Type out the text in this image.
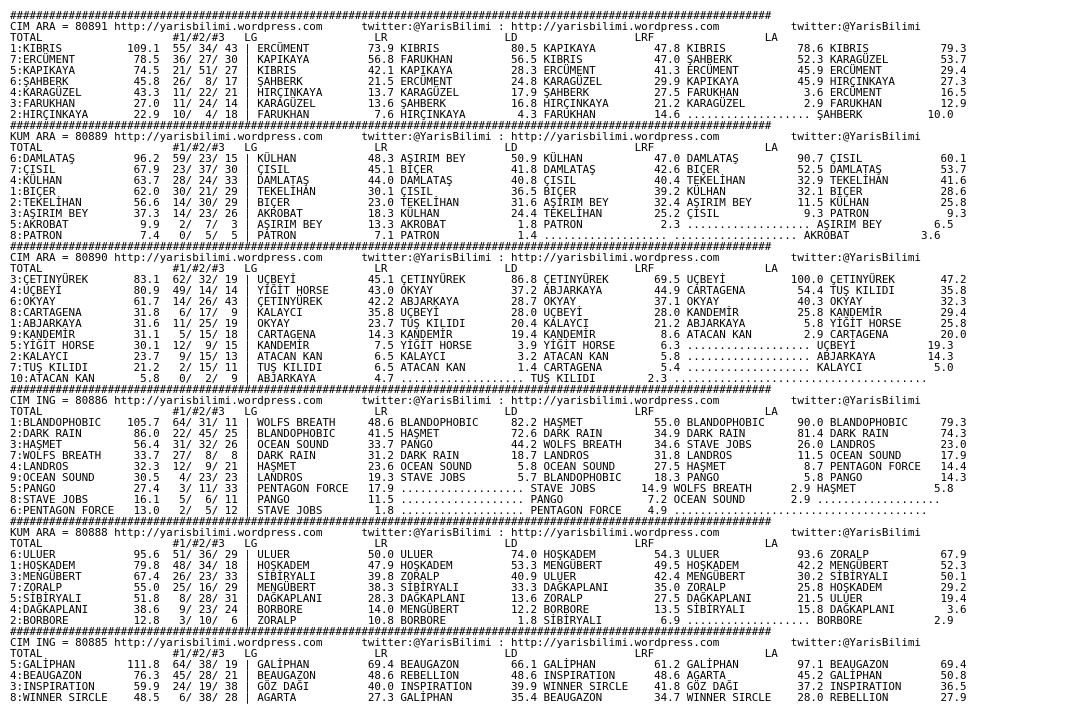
#####################################################################################################################
CIM ARA = 80891 http://yarisbilimi.wordpress.com      twitter:@YarisBilimi : http://yarisbilimi.wordpress.com           twitter:@YarisBilimi
TOTAL                    #1/#2/#3   LG                  LR                  LD                  LRF                 LA
1:KIBRIS          109.1  55/ 34/ 43 | ERCÜMENT         73.9 KIBRIS           80.5 KAPIKAYA         47.8 KIBRIS           78.6 KIBRIS           79.3
7:ERCÜMENT         78.5  36/ 27/ 30 | KAPIKAYA         56.8 FARUKHAN         56.5 KIBRIS           47.0 ŞAHBERK          52.3 KARAGÜZEL        53.7
5:KAPIKAYA         74.5  21/ 51/ 27 | KIBRIS           42.1 KAPIKAYA         28.3 ERCÜMENT         41.3 ERCÜMENT         45.9 ERCÜMENT         29.4
6:ŞAHBERK          45.8  26/  8/ 17 | ŞAHBERK          21.5 ERCÜMENT         24.8 KARAGÜZEL        29.9 KAPIKAYA         45.9 HIRÇINKAYA       27.3
4:KARAGÜZEL        43.3  11/ 22/ 21 | HIRÇINKAYA       13.7 KARAGÜZEL        17.9 ŞAHBERK          27.5 FARUKHAN          3.6 ERCÜMENT         16.5
3:FARUKHAN         27.0  11/ 24/ 14 | KARAGÜZEL        13.6 ŞAHBERK          16.8 HIRÇINKAYA       21.2 KARAGÜZEL         2.9 FARUKHAN         12.9
2:HIRÇINKAYA       22.9  10/  4/ 18 | FARUKHAN          7.6 HIRÇINKAYA        4.3 FARUKHAN         14.6 ................... ŞAHBERK          10.0
#####################################################################################################################
KUM ARA = 80889 http://yarisbilimi.wordpress.com      twitter:@YarisBilimi : http://yarisbilimi.wordpress.com           twitter:@YarisBilimi
TOTAL                    #1/#2/#3   LG                  LR                  LD                  LRF                 LA
6:DAMLATAŞ         96.2  59/ 23/ 15 | KÜLHAN           48.3 AŞIRIM BEY       50.9 KÜLHAN           47.0 DAMLATAŞ         90.7 ÇISIL            60.1
7:ÇISIL            67.9  23/ 37/ 30 | ÇISIL            45.1 BIÇER            41.8 DAMLATAŞ         42.6 BIÇER            52.5 DAMLATAŞ         53.7
4:KÜLHAN           63.7  28/ 24/ 33 | DAMLATAŞ         44.0 DAMLATAŞ         40.8 ÇISIL            40.4 TEKELİHAN        32.9 TEKELİHAN        41.6
1:BIÇER            62.0  30/ 21/ 29 | TEKELİHAN        30.1 ÇISIL            36.5 BIÇER            39.2 KÜLHAN           32.1 BIÇER            28.6
2:TEKELİHAN        56.6  14/ 30/ 29 | BIÇER            23.0 TEKELİHAN        31.6 AŞIRIM BEY       32.4 AŞIRIM BEY       11.5 KÜLHAN           25.8
3:AŞIRIM BEY       37.3  14/ 23/ 26 | AKROBAT          18.3 KÜLHAN           24.4 TEKELİHAN        25.2 ÇISIL             9.3 PATRON            9.3
5:AKROBAT           9.9   2/  7/  3 | AŞIRIM BEY       13.3 AKROBAT           1.8 PATRON            2.3 ................... AŞIRIM BEY        6.5
8:PATRON            7.4   0/  5/  5 | PATRON            7.1 PATRON            1.4 ................... ................... AKROBAT           3.6
#####################################################################################################################
CIM ARA = 80890 http://yarisbilimi.wordpress.com      twitter:@YarisBilimi : http://yarisbilimi.wordpress.com           twitter:@YarisBilimi
TOTAL                    #1/#2/#3   LG                  LR                  LD                  LRF                 LA
3:ÇETINYÜREK       83.1  62/ 32/ 19 | UÇBEYİ           45.1 ÇETINYÜREK       86.8 ÇETINYÜREK       69.5 UÇBEYİ          100.0 ÇETINYÜREK       47.2
4:UÇBEYİ           80.9  49/ 14/ 14 | YİĞİT HORSE      43.0 OKYAY            37.2 ABJARKAYA        44.9 CARTAGENA        54.4 TUŞ KILIDI       35.8
6:OKYAY            61.7  14/ 26/ 43 | ÇETINYÜREK       42.2 ABJARKAYA        28.7 OKYAY            37.1 OKYAY            40.3 OKYAY            32.3
8:CARTAGENA        31.8   6/ 17/  9 | KALAYCI          35.8 UÇBEYİ           28.0 UÇBEYİ           28.0 KANDEMİR         25.8 KANDEMİR         29.4
1:ABJARKAYA        31.6  11/ 25/ 19 | OKYAY            23.7 TUŞ KILIDI       20.4 KALAYCI          21.2 ABJARKAYA         5.8 YİĞİT HORSE      25.8
9:KANDEMİR         31.1   5/ 15/ 18 | CARTAGENA        14.3 KANDEMİR         19.4 KANDEMİR          8.6 ATACAN KAN        2.9 CARTAGENA        20.0
5:YİĞİT HORSE      30.1  12/  9/ 15 | KANDEMİR          7.5 YİĞİT HORSE       3.9 YİĞİT HORSE       6.3 ................... UÇBEYİ           19.3
2:KALAYCI          23.7   9/ 15/ 13 | ATACAN KAN        6.5 KALAYCI           3.2 ATACAN KAN        5.8 ................... ABJARKAYA        14.3
7:TUŞ KILIDI       21.2   2/ 15/ 11 | TUŞ KILIDI        6.5 ATACAN KAN        1.4 CARTAGENA         5.4 ................... KALAYCI           5.0
10:ATACAN KAN       5.8   0/  2/  9 | ABJARKAYA         4.7 ................... TUŞ KILIDI        2.3 .......................................
#####################################################################################################################
CIM ING = 80886 http://yarisbilimi.wordpress.com      twitter:@YarisBilimi : http://yarisbilimi.wordpress.com           twitter:@YarisBilimi
TOTAL                    #1/#2/#3   LG                  LR                  LD                  LRF                 LA
1:BLANDOPHOBIC    105.7  64/ 31/ 11 | WOLFS BREATH     48.6 BLANDOPHOBIC     82.2 HAŞMET           55.0 BLANDOPHOBIC     90.0 BLANDOPHOBIC     79.3
2:DARK RAIN        86.0  22/ 45/ 25 | BLANDOPHOBIC     41.5 HAŞMET           72.6 DARK RAIN        34.9 DARK RAIN        81.4 DARK RAIN        74.3
3:HAŞMET           56.4  31/ 32/ 26 | OCEAN SOUND      33.7 PANGO            44.2 WOLFS BREATH     34.6 STAVE JOBS       26.0 LANDROS          23.0
7:WOLFS BREATH     33.7  27/  8/  8 | DARK RAIN        31.2 DARK RAIN        18.7 LANDROS          31.8 LANDROS          11.5 OCEAN SOUND      17.9
4:LANDROS          32.3  12/  9/ 21 | HAŞMET           23.6 OCEAN SOUND       5.8 OCEAN SOUND      27.5 HAŞMET            8.7 PENTAGON FORCE   14.4
9:OCEAN SOUND      30.5   4/ 23/ 23 | LANDROS          19.3 STAVE JOBS        5.7 BLANDOPHOBIC     18.3 PANGO             5.8 PANGO            14.3
5:PANGO            27.4   3/ 11/ 33 | PENTAGON FORCE   17.9 ................... STAVE JOBS       14.9 WOLFS BREATH      2.9 HAŞMET            5.8
8:STAVE JOBS       16.1   5/  6/ 11 | PANGO            11.5 ................... PANGO             7.2 OCEAN SOUND       2.9 ...................
6:PENTAGON FORCE   13.0   2/  5/ 12 | STAVE JOBS        1.8 ................... PENTAGON FORCE    4.9 .......................................
#####################################################################################################################
KUM ARA = 80888 http://yarisbilimi.wordpress.com      twitter:@YarisBilimi : http://yarisbilimi.wordpress.com           twitter:@YarisBilimi
TOTAL                    #1/#2/#3   LG                  LR                  LD                  LRF                 LA
6:ULUER            95.6  51/ 36/ 29 | ULUER            50.0 ULUER            74.0 HOŞKADEM         54.3 ULUER            93.6 ZORALP           67.9
1:HOŞKADEM         79.8  48/ 34/ 18 | HOŞKADEM         47.9 HOŞKADEM         53.3 MENGÜBERT        49.5 HOŞKADEM         42.2 MENGÜBERT        52.3
3:MENGÜBERT        67.4  26/ 23/ 33 | SİBİRYALI        39.8 ZORALP           40.9 ULUER            42.4 MENGÜBERT        30.2 SİBİRYALI        50.1
7:ZORALP           55.0  25/ 16/ 29 | MENGÜBERT        38.3 SİBİRYALI        33.3 DAĞKAPLANI       35.0 ZORALP           25.8 HOŞKADEM         29.2
5:SİBİRYALI        51.8   8/ 28/ 31 | DAĞKAPLANI       28.3 DAĞKAPLANI       13.6 ZORALP           27.5 DAĞKAPLANI       21.5 ULUER            19.4
4:DAĞKAPLANI       38.6   9/ 23/ 24 | BORBORE          14.0 MENGÜBERT        12.2 BORBORE          13.5 SİBİRYALI        15.8 DAĞKAPLANI        3.6
2:BORBORE          12.8   3/ 10/  6 | ZORALP           10.8 BORBORE           1.8 SİBİRYALI         6.9 ................... BORBORE           2.9
#####################################################################################################################
CIM ING = 80885 http://yarisbilimi.wordpress.com      twitter:@YarisBilimi : http://yarisbilimi.wordpress.com           twitter:@YarisBilimi
TOTAL                    #1/#2/#3   LG                  LR                  LD                  LRF                 LA
5:GALİPHAN        111.8  64/ 38/ 19 | GALİPHAN         69.4 BEAUGAZON        66.1 GALİPHAN         61.2 GALİPHAN         97.1 BEAUGAZON        69.4
4:BEAUGAZON        76.3  45/ 28/ 21 | BEAUGAZON        48.6 REBELLION        48.6 INSPIRATION      48.6 AGARTA           45.2 GALİPHAN         50.8
3:INSPIRATION      59.9  24/ 19/ 38 | GÖZ DAĞI         40.0 INSPIRATION      39.9 WINNER SIRCLE    41.8 GÖZ DAĞI         37.2 INSPIRATION      36.5
8:WINNER SIRCLE    48.5   6/ 38/ 28 | AGARTA           27.3 GALİPHAN         35.4 BEAUGAZON        34.7 WINNER SIRCLE    28.0 REBELLION        27.9
